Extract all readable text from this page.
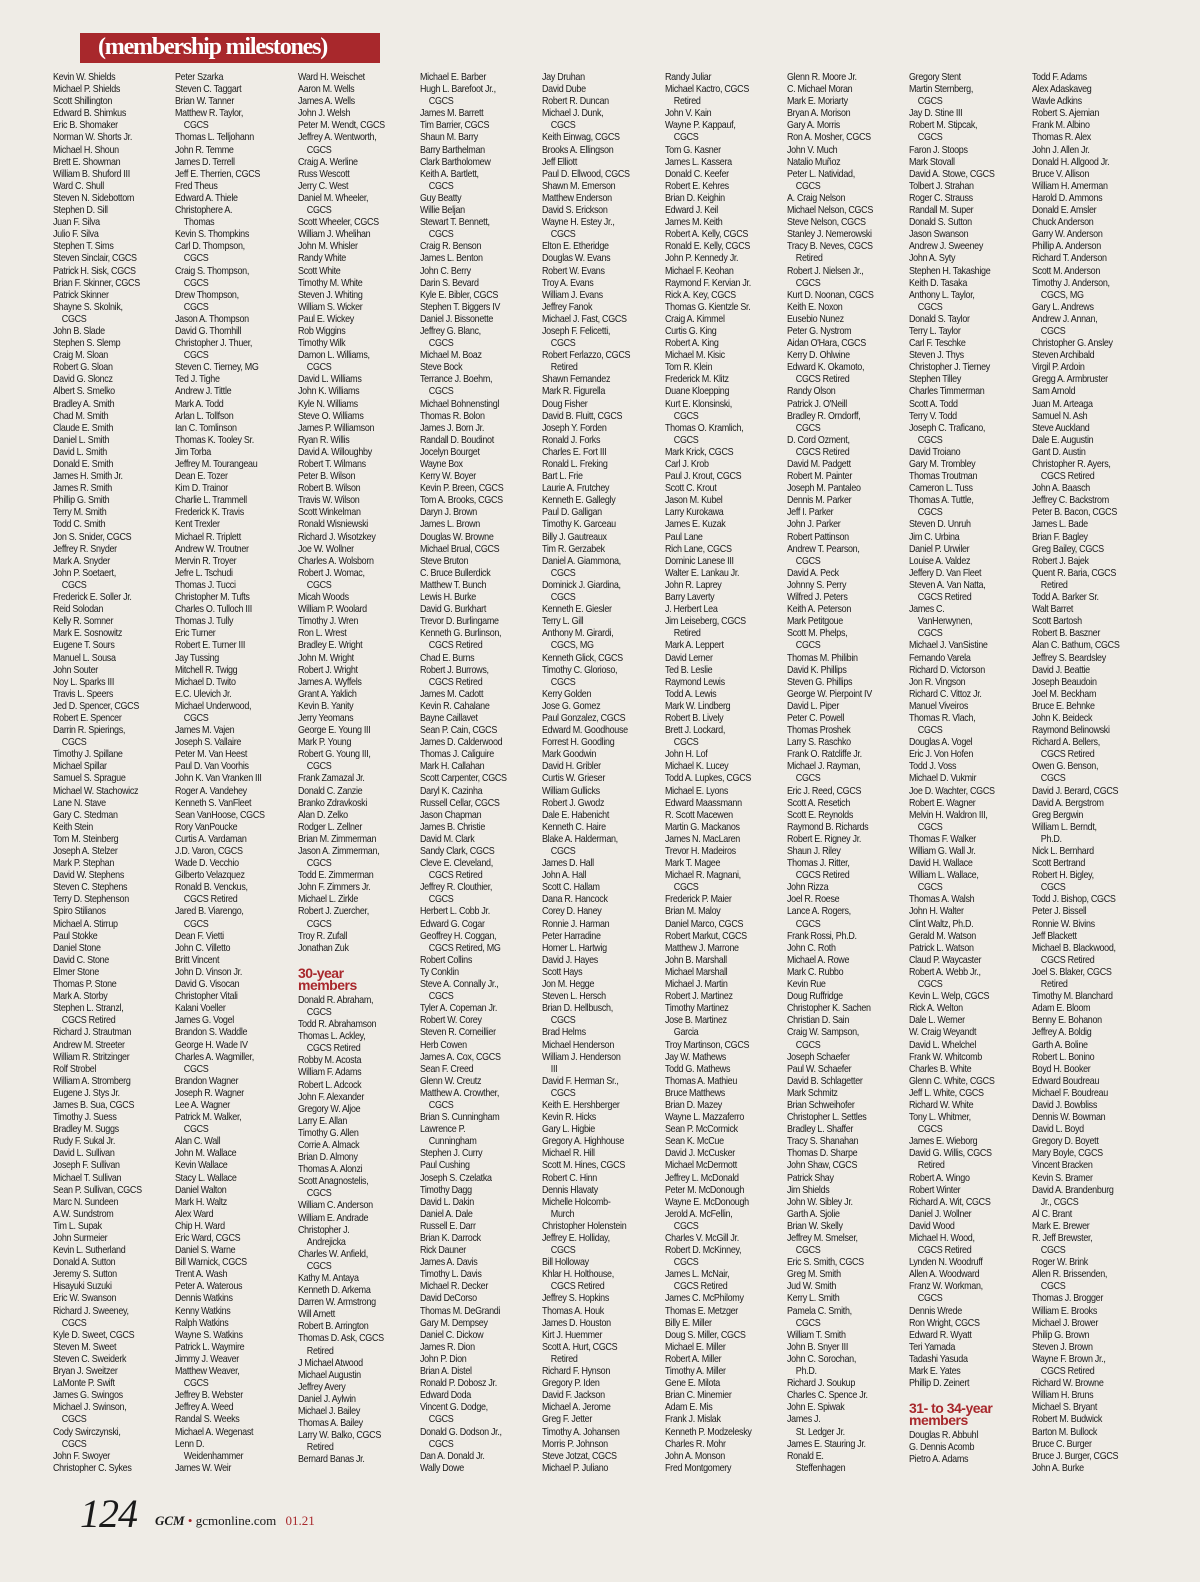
(membership milestones)
Kevin W. Shields
Michael P. Shields
Scott Shillington
Edward B. Shimkus
Eric B. Shomaker
Norman W. Shorts Jr.
Michael H. Shoun
Brett E. Showman
William B. Shuford III
Ward C. Shull
Steven N. Sidebottom
Stephen D. Sill
Juan F. Silva
Julio F. Silva
Stephen T. Sims
Steven Sinclair, CGCS
Patrick H. Sisk, CGCS
Brian F. Skinner, CGCS
Patrick Skinner
Shayne S. Skolnik,
CGCS
John B. Slade
Stephen S. Slemp
Craig M. Sloan
Robert G. Sloan
David G. Sloncz
Albert S. Smelko
Bradley A. Smith
Chad M. Smith
Claude E. Smith
Daniel L. Smith
David L. Smith
Donald E. Smith
James H. Smith Jr.
James R. Smith
Phillip G. Smith
Terry M. Smith
Todd C. Smith
Jon S. Snider, CGCS
Jeffrey R. Snyder
Mark A. Snyder
John P. Soetaert,
CGCS
Frederick E. Soller Jr.
Reid Solodan
Kelly R. Somner
Mark E. Sosnowitz
Eugene T. Sours
Manuel L. Sousa
John Souter
Noy L. Sparks III
Travis L. Speers
Jed D. Spencer, CGCS
Robert E. Spencer
Darrin R. Spierings,
CGCS
Timothy J. Spillane
Michael Spillar
Samuel S. Sprague
Michael W. Stachowicz
Lane N. Stave
Gary C. Stedman
Keith Stein
Tom M. Steinberg
Joseph A. Stelzer
Mark P. Stephan
David W. Stephens
Steven C. Stephens
Terry D. Stephenson
Spiro Stilianos
Michael A. Stirrup
Paul Stokke
Daniel Stone
David C. Stone
Elmer Stone
Thomas P. Stone
Mark A. Storby
Stephen L. Stranzl,
CGCS Retired
Richard J. Strautman
Andrew M. Streeter
William R. Stritzinger
Rolf Strobel
William A. Stromberg
Eugene J. Stys Jr.
James B. Sua, CGCS
Timothy J. Suess
Bradley M. Suggs
Rudy F. Sukal Jr.
David L. Sullivan
Joseph F. Sullivan
Michael T. Sullivan
Sean P. Sullivan, CGCS
Marc N. Sundeen
A.W. Sundstrom
Tim L. Supak
John Surmeier
Kevin L. Sutherland
Donald A. Sutton
Jeremy S. Sutton
Hisayuki Suzuki
Eric W. Swanson
Richard J. Sweeney,
CGCS
Kyle D. Sweet, CGCS
Steven M. Sweet
Steven C. Sweiderk
Bryan J. Sweitzer
LaMonte P. Swift
James G. Swingos
Michael J. Swinson,
CGCS
Cody Swirczynski,
CGCS
John F. Swoyer
Christopher C. Sykes
Peter Szarka
Steven C. Taggart
Brian W. Tanner
Matthew R. Taylor,
CGCS
Thomas L. Telljohann
John R. Temme
James D. Terrell
Jeff E. Therrien, CGCS
Fred Theus
Edward A. Thiele
Christophere A.
Thomas
Kevin S. Thompkins
Carl D. Thompson,
CGCS
Craig S. Thompson,
CGCS
Drew Thompson,
CGCS
Jason A. Thompson
David G. Thornhill
Christopher J. Thuer,
CGCS
Steven C. Tierney, MG
Ted J. Tighe
Andrew J. Tittle
Mark A. Todd
Arlan L. Tollfson
Ian C. Tomlinson
Thomas K. Tooley Sr.
Jim Torba
Jeffrey M. Tourangeau
Dean E. Tozer
Kim D. Trainor
Charlie L. Trammell
Frederick K. Travis
Kent Trexler
Michael R. Triplett
Andrew W. Troutner
Mervin R. Troyer
Jefre L. Tschudi
Thomas J. Tucci
Christopher M. Tufts
Charles O. Tulloch III
Thomas J. Tully
Eric Turner
Robert E. Turner III
Jay Tussing
Mitchell R. Twigg
Michael D. Twito
E.C. Ulevich Jr.
Michael Underwood,
CGCS
James M. Vajen
Joseph S. Vallaire
Peter M. Van Heest
Paul D. Van Voorhis
John K. Van Vranken III
Roger A. Vandehey
Kenneth S. VanFleet
Sean VanHoose, CGCS
Rory VanPoucke
Curtis A. Vardaman
J.D. Varon, CGCS
Wade D. Vecchio
Gilberto Velazquez
Ronald B. Venckus,
CGCS Retired
Jared B. Viarengo,
CGCS
Dean F. Vietti
John C. Villetto
Britt Vincent
John D. Vinson Jr.
David G. Visocan
Christopher Vitali
Kalani Voeller
James G. Vogel
Brandon S. Waddle
George H. Wade IV
Charles A. Wagmiller,
CGCS
Brandon Wagner
Joseph R. Wagner
Lee A. Wagner
Patrick M. Walker,
CGCS
Alan C. Wall
John M. Wallace
Kevin Wallace
Stacy L. Wallace
Daniel Walton
Mark H. Waltz
Alex Ward
Chip H. Ward
Eric Ward, CGCS
Daniel S. Warne
Bill Warnick, CGCS
Trent A. Wash
Peter A. Waterous
Dennis Watkins
Kenny Watkins
Ralph Watkins
Wayne S. Watkins
Patrick L. Waymire
Jimmy J. Weaver
Matthew Weaver,
CGCS
Jeffrey B. Webster
Jeffrey A. Weed
Randal S. Weeks
Michael A. Wegenast
Lenn D.
Weidenhammer
James W. Weir
Ward H. Weischet
Aaron M. Wells
James A. Wells
John J. Welsh
Peter M. Wendt, CGCS
Jeffrey A. Wentworth,
CGCS
Craig A. Werline
Russ Wescott
Jerry C. West
Daniel M. Wheeler,
CGCS
Scott Wheeler, CGCS
William J. Whelihan
John M. Whisler
Randy White
Scott White
Timothy M. White
Steven J. Whiting
William S. Wicker
Paul E. Wickey
Rob Wiggins
Timothy Wilk
Damon L. Williams,
CGCS
David L. Williams
John K. Williams
Kyle N. Williams
Steve O. Williams
James P. Williamson
Ryan R. Willis
David A. Willoughby
Robert T. Wilmans
Peter B. Wilson
Robert B. Wilson
Travis W. Wilson
Scott Winkelman
Ronald Wisniewski
Richard J. Wisotzkey
Joe W. Wollner
Charles A. Wolsborn
Robert J. Womac,
CGCS
Micah Woods
William P. Woolard
Timothy J. Wren
Ron L. Wrest
Bradley E. Wright
John M. Wright
Robert J. Wright
James A. Wyffels
Grant A. Yaklich
Kevin B. Yanity
Jerry Yeomans
George E. Young III
Mark P. Young
Robert G. Young III,
CGCS
Frank Zamazal Jr.
Donald C. Zanzie
Branko Zdravkoski
Alan D. Zelko
Rodger L. Zellner
Brian M. Zimmerman
Jason A. Zimmerman,
CGCS
Todd E. Zimmerman
John F. Zimmers Jr.
Michael L. Zirkle
Robert J. Zuercher,
CGCS
Troy R. Zufall
Jonathan Zuk
30-year
members
Donald R. Abraham,
CGCS
Todd R. Abrahamson
Thomas L. Ackley,
CGCS Retired
Robby M. Acosta
William F. Adams
Robert L. Adcock
John F. Alexander
Gregory W. Aljoe
Larry E. Allan
Timothy G. Allen
Corrie A. Almack
Brian D. Almony
Thomas A. Alonzi
Scott Anagnostelis,
CGCS
William C. Anderson
William E. Andrade
Christopher J.
Andrejicka
Charles W. Anfield,
CGCS
Kathy M. Antaya
Kenneth D. Arkema
Darren W. Armstrong
Will Arnett
Robert B. Arrington
Thomas D. Ask, CGCS
Retired
J Michael Atwood
Michael Augustin
Jeffrey Avery
Daniel J. Aylwin
Michael J. Bailey
Thomas A. Bailey
Larry W. Balko, CGCS
Retired
Bernard Banas Jr.
Michael E. Barber
Hugh L. Barefoot Jr.,
CGCS
James M. Barrett
Tim Barrier, CGCS
Shaun M. Barry
Barry Barthelman
Clark Bartholomew
Keith A. Bartlett,
CGCS
Guy Beatty
Willie Beljan
Stewart T. Bennett,
CGCS
Craig R. Benson
James L. Benton
John C. Berry
Darin S. Bevard
Kyle E. Bibler, CGCS
Stephen T. Biggers IV
Daniel J. Bissonette
Jeffrey G. Blanc,
CGCS
Michael M. Boaz
Steve Bock
Terrance J. Boehm,
CGCS
Michael Bohnenstingl
Thomas R. Bolon
James J. Born Jr.
Randall D. Boudinot
Jocelyn Bourget
Wayne Box
Kerry W. Boyer
Kevin P. Breen, CGCS
Tom A. Brooks, CGCS
Daryn J. Brown
James L. Brown
Douglas W. Browne
Michael Brual, CGCS
Steve Bruton
C. Bruce Bullerdick
Matthew T. Bunch
Lewis H. Burke
David G. Burkhart
Trevor D. Burlingame
Kenneth G. Burlinson,
CGCS Retired
Chad E. Burns
Robert J. Burrows,
CGCS Retired
James M. Cadott
Kevin R. Cahalane
Bayne Caillavet
Sean P. Cain, CGCS
James D. Calderwood
Thomas J. Caliguire
Mark H. Callahan
Scott Carpenter, CGCS
Daryl K. Cazinha
Russell Cellar, CGCS
Jason Chapman
James B. Christie
David M. Clark
Sandy Clark, CGCS
Cleve E. Cleveland,
CGCS Retired
Jeffrey R. Clouthier,
CGCS
Herbert L. Cobb Jr.
Edward G. Cogar
Geoffrey H. Coggan,
CGCS Retired, MG
Robert Collins
Ty Conklin
Steve A. Connally Jr.,
CGCS
Tyler A. Copeman Jr.
Robert W. Corey
Steven R. Corneillier
Herb Cowen
James A. Cox, CGCS
Sean F. Creed
Glenn W. Creutz
Matthew A. Crowther,
CGCS
Brian S. Cunningham
Lawrence P.
Cunningham
Stephen J. Curry
Paul Cushing
Joseph S. Czelatka
Timothy Dagg
David L. Dakin
Daniel A. Dale
Russell E. Darr
Brian K. Darrock
Rick Dauner
James A. Davis
Timothy L. Davis
Michael R. Decker
David DeCorso
Thomas M. DeGrandi
Gary M. Dempsey
Daniel C. Dickow
James R. Dion
John P. Dion
Brian A. Distel
Ronald P. Dobosz Jr.
Edward Doda
Vincent G. Dodge,
CGCS
Donald G. Dodson Jr.,
CGCS
Dan A. Donald Jr.
Wally Dowe
Jay Druhan
David Dube
Robert R. Duncan
Michael J. Dunk,
CGCS
Keith Einwag, CGCS
Brooks A. Ellingson
Jeff Elliott
Paul D. Ellwood, CGCS
Shawn M. Emerson
Matthew Enderson
David S. Erickson
Wayne H. Estey Jr.,
CGCS
Elton E. Etheridge
Douglas W. Evans
Robert W. Evans
Troy A. Evans
William J. Evans
Jeffrey Fanok
Michael J. Fast, CGCS
Joseph F. Felicetti,
CGCS
Robert Ferlazzo, CGCS
Retired
Shawn Fernandez
Mark R. Figurella
Doug Fisher
David B. Fluitt, CGCS
Joseph Y. Forden
Ronald J. Forks
Charles E. Fort III
Ronald L. Freking
Bart L. Frie
Laurie A. Frutchey
Kenneth E. Gallegly
Paul D. Galligan
Timothy K. Garceau
Billy J. Gautreaux
Tim R. Gerzabek
Daniel A. Giammona,
CGCS
Dominick J. Giardina,
CGCS
Kenneth E. Giesler
Terry L. Gill
Anthony M. Girardi,
CGCS, MG
Kenneth Glick, CGCS
Timothy C. Glorioso,
CGCS
Kerry Golden
Jose G. Gomez
Paul Gonzalez, CGCS
Edward M. Goodhouse
Forrest H. Goodling
Mark Goodwin
David H. Gribler
Curtis W. Grieser
William Gullicks
Robert J. Gwodz
Dale E. Habenicht
Kenneth C. Haire
Blake A. Halderman,
CGCS
James D. Hall
John A. Hall
Scott C. Hallam
Dana R. Hancock
Corey D. Haney
Ronnie J. Harman
Peter Harradine
Homer L. Hartwig
David J. Hayes
Scott Hays
Jon M. Hegge
Steven L. Hersch
Brian D. Hellbusch,
CGCS
Brad Helms
Michael Henderson
William J. Henderson
III
David F. Herman Sr.,
CGCS
Keith E. Hershberger
Kevin R. Hicks
Gary L. Higbie
Gregory A. Highhouse
Michael R. Hill
Scott M. Hines, CGCS
Robert C. Hinn
Dennis Hlavaty
Michelle Holcomb-
Murch
Christopher Holenstein
Jeffrey E. Holliday,
CGCS
Bill Holloway
Khlar H. Holthouse,
CGCS Retired
Jeffrey S. Hopkins
Thomas A. Houk
James D. Houston
Kirt J. Huemmer
Scott A. Hurt, CGCS
Retired
Richard F. Hynson
Gregory P. Iden
David F. Jackson
Michael A. Jerome
Greg F. Jetter
Timothy A. Johansen
Morris P. Johnson
Steve Jotzat, CGCS
Michael P. Juliano
Randy Juliar
Michael Kactro, CGCS
Retired
John V. Kain
Wayne P. Kappauf,
CGCS
Tom G. Kasner
James L. Kassera
Donald C. Keefer
Robert E. Kehres
Brian D. Keighin
Edward J. Keil
James M. Keith
Robert A. Kelly, CGCS
Ronald E. Kelly, CGCS
John P. Kennedy Jr.
Michael F. Keohan
Raymond F. Kervian Jr.
Rick A. Key, CGCS
Thomas G. Kientzle Sr.
Craig A. Kimmel
Curtis G. King
Robert A. King
Michael M. Kisic
Tom R. Klein
Frederick M. Klitz
Duane Kloepping
Kurt E. Klonsinski,
CGCS
Thomas O. Kramlich,
CGCS
Mark Krick, CGCS
Carl J. Krob
Paul J. Krout, CGCS
Scott C. Krout
Jason M. Kubel
Larry Kurokawa
James E. Kuzak
Paul Lane
Rich Lane, CGCS
Dominic Lanese III
Walter E. Lankau Jr.
John R. Laprey
Barry Laverty
J. Herbert Lea
Jim Leiseberg, CGCS
Retired
Mark A. Leppert
David Lerner
Ted B. Leslie
Raymond Lewis
Todd A. Lewis
Mark W. Lindberg
Robert B. Lively
Brett J. Lockard,
CGCS
John H. Lof
Michael K. Lucey
Todd A. Lupkes, CGCS
Michael E. Lyons
Edward Maassmann
R. Scott Macewen
Martin G. Mackanos
James N. MacLaren
Trevor H. Madeiros
Mark T. Magee
Michael R. Magnani,
CGCS
Frederick P. Maier
Brian M. Maloy
Daniel Marco, CGCS
Robert Markut, CGCS
Matthew J. Marrone
John B. Marshall
Michael Marshall
Michael J. Martin
Robert J. Martinez
Timothy Martinez
Jose B. Martinez
Garcia
Troy Martinson, CGCS
Jay W. Mathews
Todd G. Mathews
Thomas A. Mathieu
Bruce Matthews
Brian D. Mazey
Wayne L. Mazzaferro
Sean P. McCormick
Sean K. McCue
David J. McCusker
Michael McDermott
Jeffrey L. McDonald
Peter M. McDonough
Wayne E. McDonough
Jerold A. McFellin,
CGCS
Charles V. McGill Jr.
Robert D. McKinney,
CGCS
James L. McNair,
CGCS Retired
James C. McPhilomy
Thomas E. Metzger
Billy E. Miller
Doug S. Miller, CGCS
Michael E. Miller
Robert A. Miller
Timothy A. Miller
Gene E. Milota
Brian C. Minemier
Adam E. Mis
Frank J. Mislak
Kenneth P. Modzelesky
Charles R. Mohr
John A. Monson
Fred Montgomery
Glenn R. Moore Jr.
C. Michael Moran
Mark E. Moriarty
Bryan A. Morison
Gary A. Morris
Ron A. Mosher, CGCS
John V. Much
Natalio Muñoz
Peter L. Natividad,
CGCS
A. Craig Nelson
Michael Nelson, CGCS
Steve Nelson, CGCS
Stanley J. Nemerowski
Tracy B. Neves, CGCS
Retired
Robert J. Nielsen Jr.,
CGCS
Kurt D. Noonan, CGCS
Keith E. Noxon
Eusebio Nunez
Peter G. Nystrom
Aidan O'Hara, CGCS
Kerry D. Ohlwine
Edward K. Okamoto,
CGCS Retired
Randy Olson
Patrick J. O'Neill
Bradley R. Orndorff,
CGCS
D. Cord Ozment,
CGCS Retired
David M. Padgett
Robert M. Painter
Joseph M. Pantaleo
Dennis M. Parker
Jeff I. Parker
John J. Parker
Robert Pattinson
Andrew T. Pearson,
CGCS
David A. Peck
Johnny S. Perry
Wilfred J. Peters
Keith A. Peterson
Mark Petitgoue
Scott M. Phelps,
CGCS
Thomas M. Philibin
David K. Phillips
Steven G. Phillips
George W. Pierpoint IV
David L. Piper
Peter C. Powell
Thomas Proshek
Larry S. Raschko
Frank O. Ratcliffe Jr.
Michael J. Rayman,
CGCS
Eric J. Reed, CGCS
Scott A. Resetich
Scott E. Reynolds
Raymond B. Richards
Robert E. Rigney Jr.
Shaun J. Riley
Thomas J. Ritter,
CGCS Retired
John Rizza
Joel R. Roese
Lance A. Rogers,
CGCS
Frank Rossi, Ph.D.
John C. Roth
Michael A. Rowe
Mark C. Rubbo
Kevin Rue
Doug Ruffridge
Christopher K. Sachen
Christian D. Sain
Craig W. Sampson,
CGCS
Joseph Schaefer
Paul W. Schaefer
David B. Schlagetter
Mark Schmitz
Brian Schweihofer
Christopher L. Settles
Bradley L. Shaffer
Tracy S. Shanahan
Thomas D. Sharpe
John Shaw, CGCS
Patrick Shay
Jim Shields
John W. Sibley Jr.
Garth A. Sjolie
Brian W. Skelly
Jeffrey M. Smelser,
CGCS
Eric S. Smith, CGCS
Greg M. Smith
Jud W. Smith
Kerry L. Smith
Pamela C. Smith,
CGCS
William T. Smith
John B. Snyer III
John C. Sorochan,
Ph.D.
Richard J. Soukup
Charles C. Spence Jr.
John E. Spiwak
James J.
St. Ledger Jr.
James E. Stauring Jr.
Ronald E.
Steffenhagen
Gregory Stent
Martin Sternberg,
CGCS
Jay D. Stine III
Robert M. Stipcak,
CGCS
Faron J. Stoops
Mark Stovall
David A. Stowe, CGCS
Tolbert J. Strahan
Roger C. Strauss
Randall M. Super
Donald S. Sutton
Jason Swanson
Andrew J. Sweeney
John A. Syty
Stephen H. Takashige
Keith D. Tasaka
Anthony L. Taylor,
CGCS
Donald S. Taylor
Terry L. Taylor
Carl F. Teschke
Steven J. Thys
Christopher J. Tierney
Stephen Tilley
Charles Timmerman
Scott A. Todd
Terry V. Todd
Joseph C. Traficano,
CGCS
David Troiano
Gary M. Trombley
Thomas Troutman
Cameron L. Tuss
Thomas A. Tuttle,
CGCS
Steven D. Unruh
Jim C. Urbina
Daniel P. Urwiler
Louise A. Valdez
Jeffery D. Van Fleet
Steven A. Van Natta,
CGCS Retired
James C.
VanHerwynen,
CGCS
Michael J. VanSistine
Fernando Varela
Richard D. Victorson
Jon R. Vingson
Richard C. Vittoz Jr.
Manuel Viveiros
Thomas R. Vlach,
CGCS
Douglas A. Vogel
Eric J. Von Hofen
Todd J. Voss
Michael D. Vukmir
Joe D. Wachter, CGCS
Robert E. Wagner
Melvin H. Waldron III,
CGCS
Thomas F. Walker
William G. Wall Jr.
David H. Wallace
William L. Wallace,
CGCS
Thomas A. Walsh
John H. Walter
Clint Waltz, Ph.D.
Gerald M. Watson
Patrick L. Watson
Claud P. Waycaster
Robert A. Webb Jr.,
CGCS
Kevin L. Welp, CGCS
Rick A. Welton
Dale L. Werner
W. Craig Weyandt
David L. Whelchel
Frank W. Whitcomb
Charles B. White
Glenn C. White, CGCS
Jeff L. White, CGCS
Richard W. White
Tony L. Whitmer,
CGCS
James E. Wieborg
David G. Willis, CGCS
Retired
Robert A. Wingo
Robert Winter
Richard A. Wit, CGCS
Daniel J. Wollner
David Wood
Michael H. Wood,
CGCS Retired
Lynden N. Woodruff
Allen A. Woodward
Franz W. Workman,
CGCS
Dennis Wrede
Ron Wright, CGCS
Edward R. Wyatt
Teri Yamada
Tadashi Yasuda
Mark E. Yates
Phillip D. Zeinert
31- to 34-year
members
Douglas R. Abbuhl
G. Dennis Acomb
Pietro A. Adams
Todd F. Adams
Alex Adaskaveg
Wavle Adkins
Robert S. Ajemian
Frank M. Albino
Thomas R. Alex
John J. Allen Jr.
Donald H. Allgood Jr.
Bruce V. Allison
William H. Amerman
Harold D. Ammons
Donald E. Amsler
Chuck Anderson
Garry W. Anderson
Phillip A. Anderson
Richard T. Anderson
Scott M. Anderson
Timothy J. Anderson,
CGCS, MG
Gary L. Andrews
Andrew J. Annan,
CGCS
Christopher G. Ansley
Steven Archibald
Virgil P. Ardoin
Gregg A. Armbruster
Sam Arnold
Juan M. Arteaga
Samuel N. Ash
Steve Auckland
Dale E. Augustin
Gant D. Austin
Christopher R. Ayers,
CGCS Retired
John A. Baasch
Jeffrey C. Backstrom
Peter B. Bacon, CGCS
James L. Bade
Brian F. Bagley
Greg Bailey, CGCS
Robert J. Bajek
Quent R. Baria, CGCS
Retired
Todd A. Barker Sr.
Walt Barret
Scott Bartosh
Robert B. Baszner
Alan C. Bathum, CGCS
Jeffrey S. Beardsley
David J. Beattie
Joseph Beaudoin
Joel M. Beckham
Bruce E. Behnke
John K. Beideck
Raymond Belinowski
Richard A. Bellers,
CGCS Retired
Owen G. Benson,
CGCS
David J. Berard, CGCS
David A. Bergstrom
Greg Bergwin
William L. Berndt,
Ph.D.
Nick L. Bernhard
Scott Bertrand
Robert H. Bigley,
CGCS
Todd J. Bishop, CGCS
Peter J. Bissell
Ronnie W. Bivins
Jeff Blackett
Michael B. Blackwood,
CGCS Retired
Joel S. Blaker, CGCS
Retired
Timothy M. Blanchard
Adam E. Bloom
Benny E. Bohanon
Jeffrey A. Boldig
Garth A. Boline
Robert L. Bonino
Boyd H. Booker
Edward Boudreau
Michael F. Boudreau
David J. Bowbliss
Dennis W. Bowman
David L. Boyd
Gregory D. Boyett
Mary Boyle, CGCS
Vincent Bracken
Kevin S. Bramer
David A. Brandenburg
Jr., CGCS
Al C. Brant
Mark E. Brewer
R. Jeff Brewster,
CGCS
Roger W. Brink
Allen R. Brissenden,
CGCS
Thomas J. Brogger
William E. Brooks
Michael J. Brower
Philip G. Brown
Steven J. Brown
Wayne F. Brown Jr.,
CGCS Retired
Richard W. Browne
William H. Bruns
Michael S. Bryant
Robert M. Budwick
Barton M. Bullock
Bruce C. Burger
Bruce J. Burger, CGCS
John A. Burke
124 GCM • gcmonline.com 01.21
